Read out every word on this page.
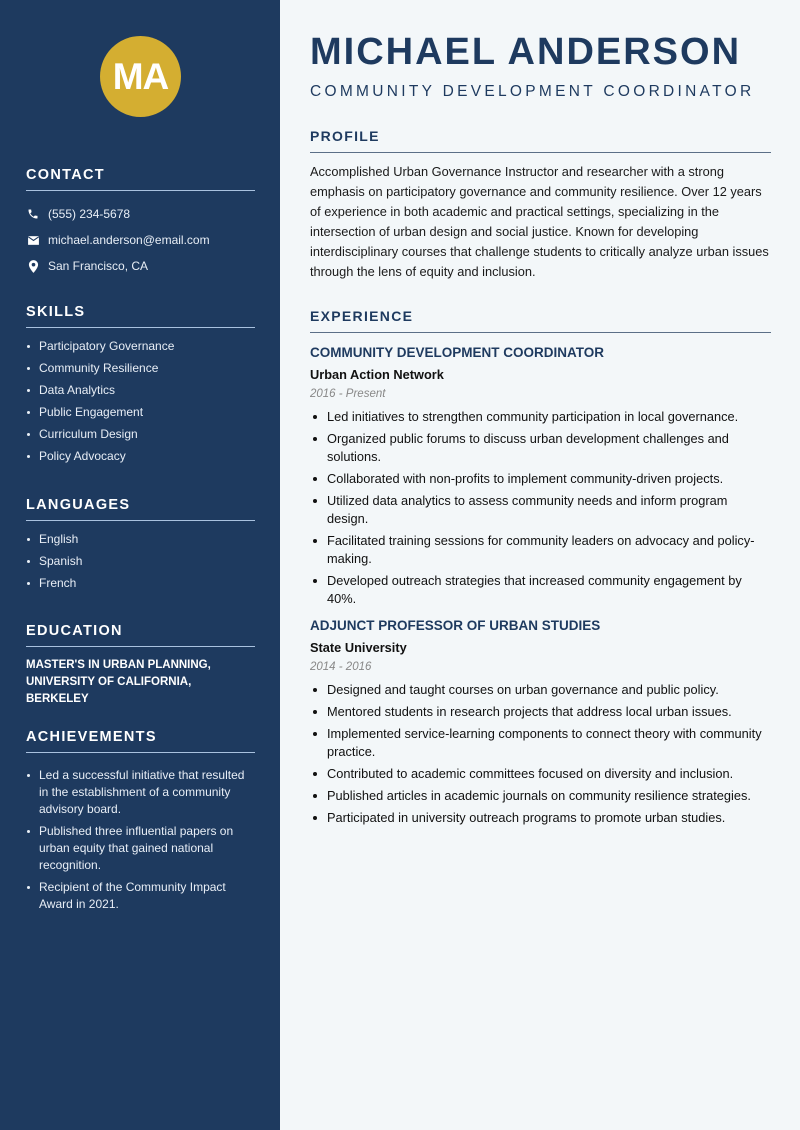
MA
CONTACT
(555) 234-5678
michael.anderson@email.com
San Francisco, CA
SKILLS
Participatory Governance
Community Resilience
Data Analytics
Public Engagement
Curriculum Design
Policy Advocacy
LANGUAGES
English
Spanish
French
EDUCATION
MASTER'S IN URBAN PLANNING,
UNIVERSITY OF CALIFORNIA, BERKELEY
ACHIEVEMENTS
Led a successful initiative that resulted in the establishment of a community advisory board.
Published three influential papers on urban equity that gained national recognition.
Recipient of the Community Impact Award in 2021.
MICHAEL ANDERSON
COMMUNITY DEVELOPMENT COORDINATOR
PROFILE

Accomplished Urban Governance Instructor and researcher with a strong emphasis on participatory governance and community resilience. Over 12 years of experience in both academic and practical settings, specializing in the intersection of urban design and social justice. Known for developing interdisciplinary courses that challenge students to critically analyze urban issues through the lens of equity and inclusion.

EXPERIENCE
COMMUNITY DEVELOPMENT COORDINATOR
Urban Action Network
2016 - Present
Led initiatives to strengthen community participation in local governance.
Organized public forums to discuss urban development challenges and solutions.
Collaborated with non-profits to implement community-driven projects.
Utilized data analytics to assess community needs and inform program design.
Facilitated training sessions for community leaders on advocacy and policy-making.
Developed outreach strategies that increased community engagement by 40%.
ADJUNCT PROFESSOR OF URBAN STUDIES
State University
2014 - 2016
Designed and taught courses on urban governance and public policy.
Mentored students in research projects that address local urban issues.
Implemented service-learning components to connect theory with community practice.
Contributed to academic committees focused on diversity and inclusion.
Published articles in academic journals on community resilience strategies.
Participated in university outreach programs to promote urban studies.
